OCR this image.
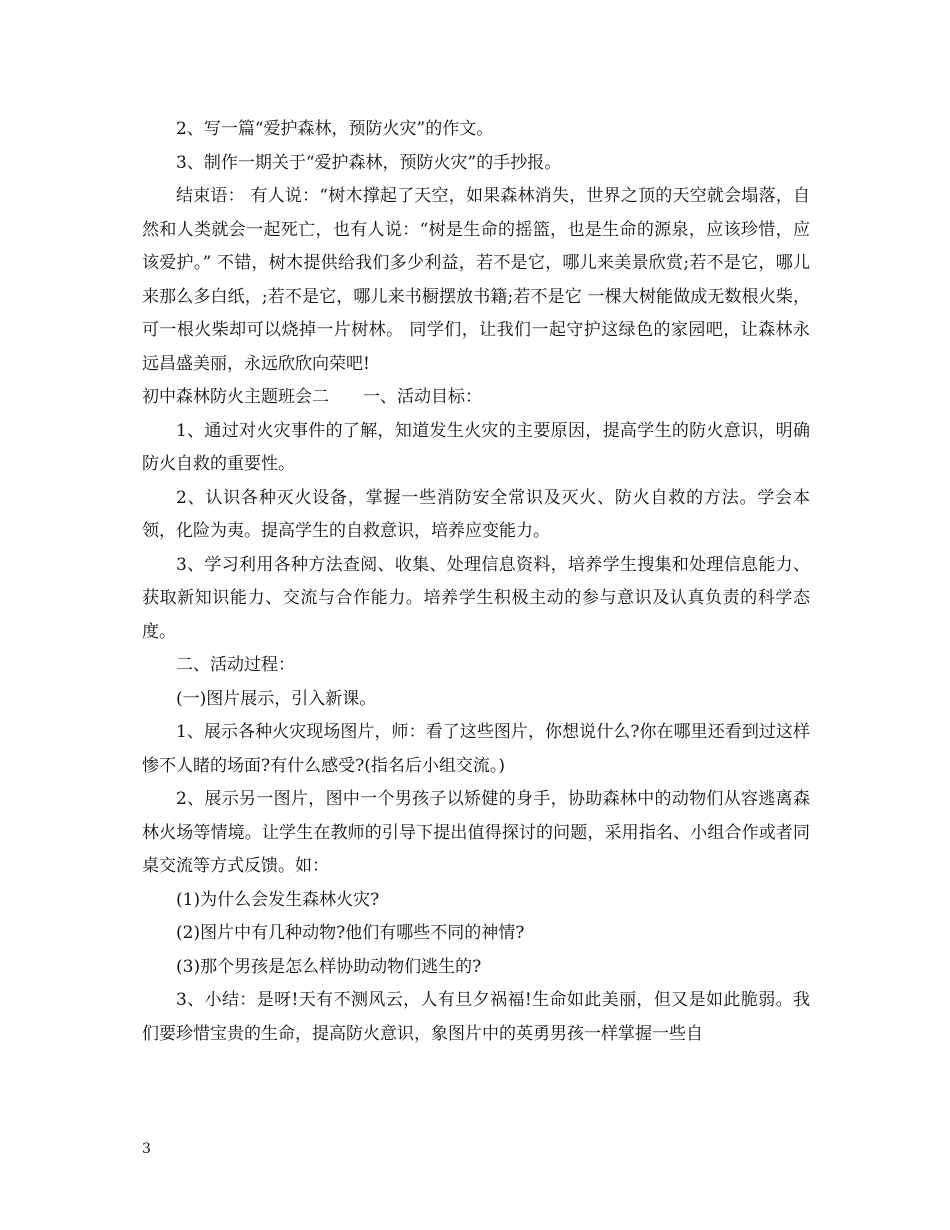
2、写一篇“爱护森林，预防火灾”的作文。

3、制作一期关于“爱护森林，预防火灾”的手抄报。

结束语： 有人说：“树木撑起了天空，如果森林消失，世界之顶的天空就会塌落，自然和人类就会一起死亡，也有人说：“树是生命的摇篮，也是生命的源泉，应该珍惜，应该爱护。” 不错，树木提供给我们多少利益，若不是它，哪儿来美景欣赏;若不是它，哪儿来那么多白纸，;若不是它，哪儿来书橱摆放书籍;若不是它 一棵大树能做成无数根火柴，可一根火柴却可以烧掉一片树林。 同学们，让我们一起守护这绿色的家园吧，让森林永远昌盛美丽，永远欣欣向荣吧!

初中森林防火主题班会二　　一、活动目标：

1、通过对火灾事件的了解，知道发生火灾的主要原因，提高学生的防火意识，明确防火自救的重要性。

2、认识各种灭火设备，掌握一些消防安全常识及灭火、防火自救的方法。学会本领，化险为夷。提高学生的自救意识，培养应变能力。

3、学习利用各种方法查阅、收集、处理信息资料，培养学生搜集和处理信息能力、获取新知识能力、交流与合作能力。培养学生积极主动的参与意识及认真负责的科学态度。

二、活动过程：

(一)图片展示，引入新课。

1、展示各种火灾现场图片，师：看了这些图片，你想说什么?你在哪里还看到过这样惨不人睹的场面?有什么感受?(指名后小组交流。)

2、展示另一图片，图中一个男孩子以矫健的身手，协助森林中的动物们从容逃离森林火场等情境。让学生在教师的引导下提出值得探讨的问题，采用指名、小组合作或者同桌交流等方式反馈。如：

(1)为什么会发生森林火灾?

(2)图片中有几种动物?他们有哪些不同的神情?

(3)那个男孩是怎么样协助动物们逃生的?

3、小结：是呀!天有不测风云，人有旦夕祸福!生命如此美丽，但又是如此脆弱。我们要珍惜宝贵的生命，提高防火意识，象图片中的英勇男孩一样掌握一些自

3
